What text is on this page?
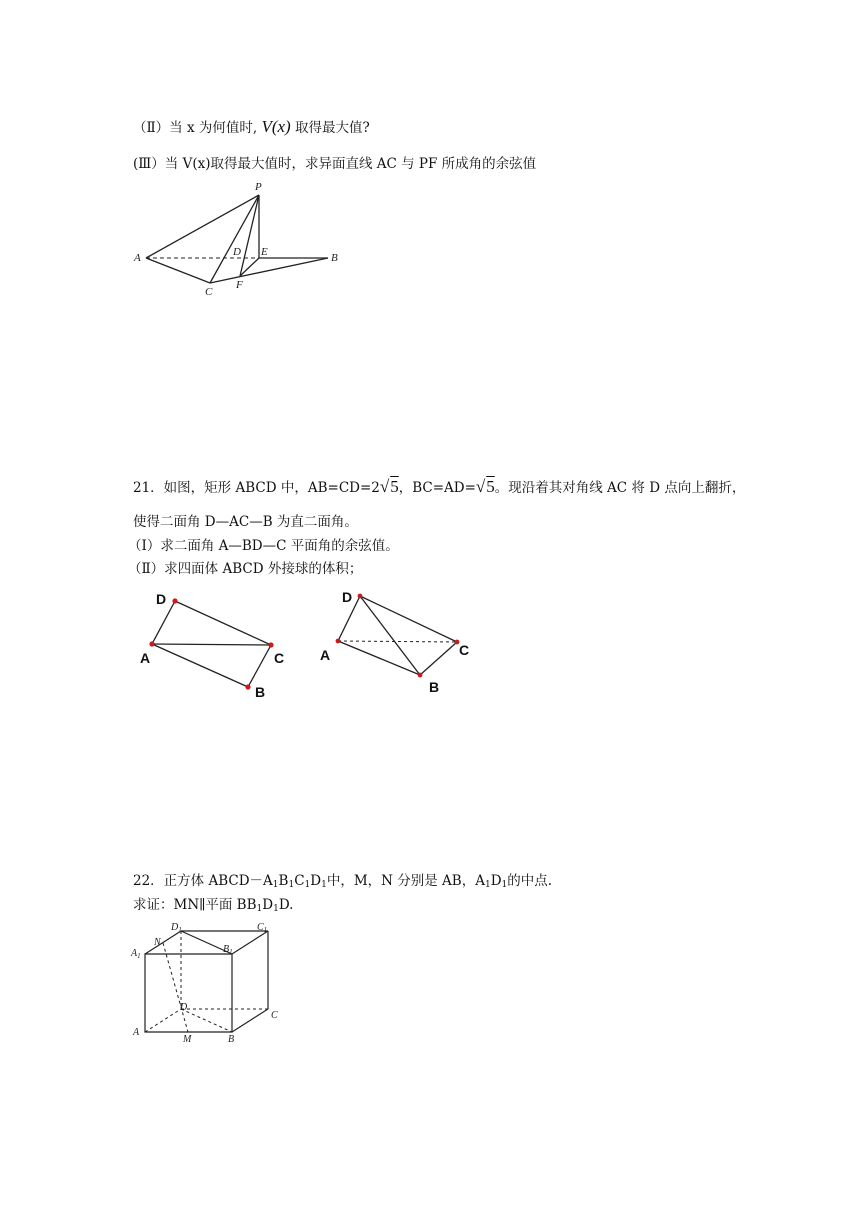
（Ⅱ）当 x 为何值时, V(x) 取得最大值?
(Ⅲ）当 V(x)取得最大值时，求异面直线 AC 与 PF 所成角的余弦值
P
A	B
C
D E
F
21．如图，矩形 ABCD 中，AB=CD=2√5，BC=AD=√5。现沿着其对角线 AC 将 D 点向上翻折，
使得二面角 D—AC—B 为直二面角。
（Ⅰ）求二面角 A—BD—C 平面角的余弦值。
（Ⅱ）求四面体 ABCD 外接球的体积；
D
A	C
B
D
A	C
B
22．正方体 $ABCD-A_1B_1C_1D_1$中，M，N 分别是 AB，$A_1D_1$的中点.
求证：MN∥平面 $BB_1D_1D$.
$D_1$	$C_1$
$B_1$
$A_1$
N
D
C
A
M	B
